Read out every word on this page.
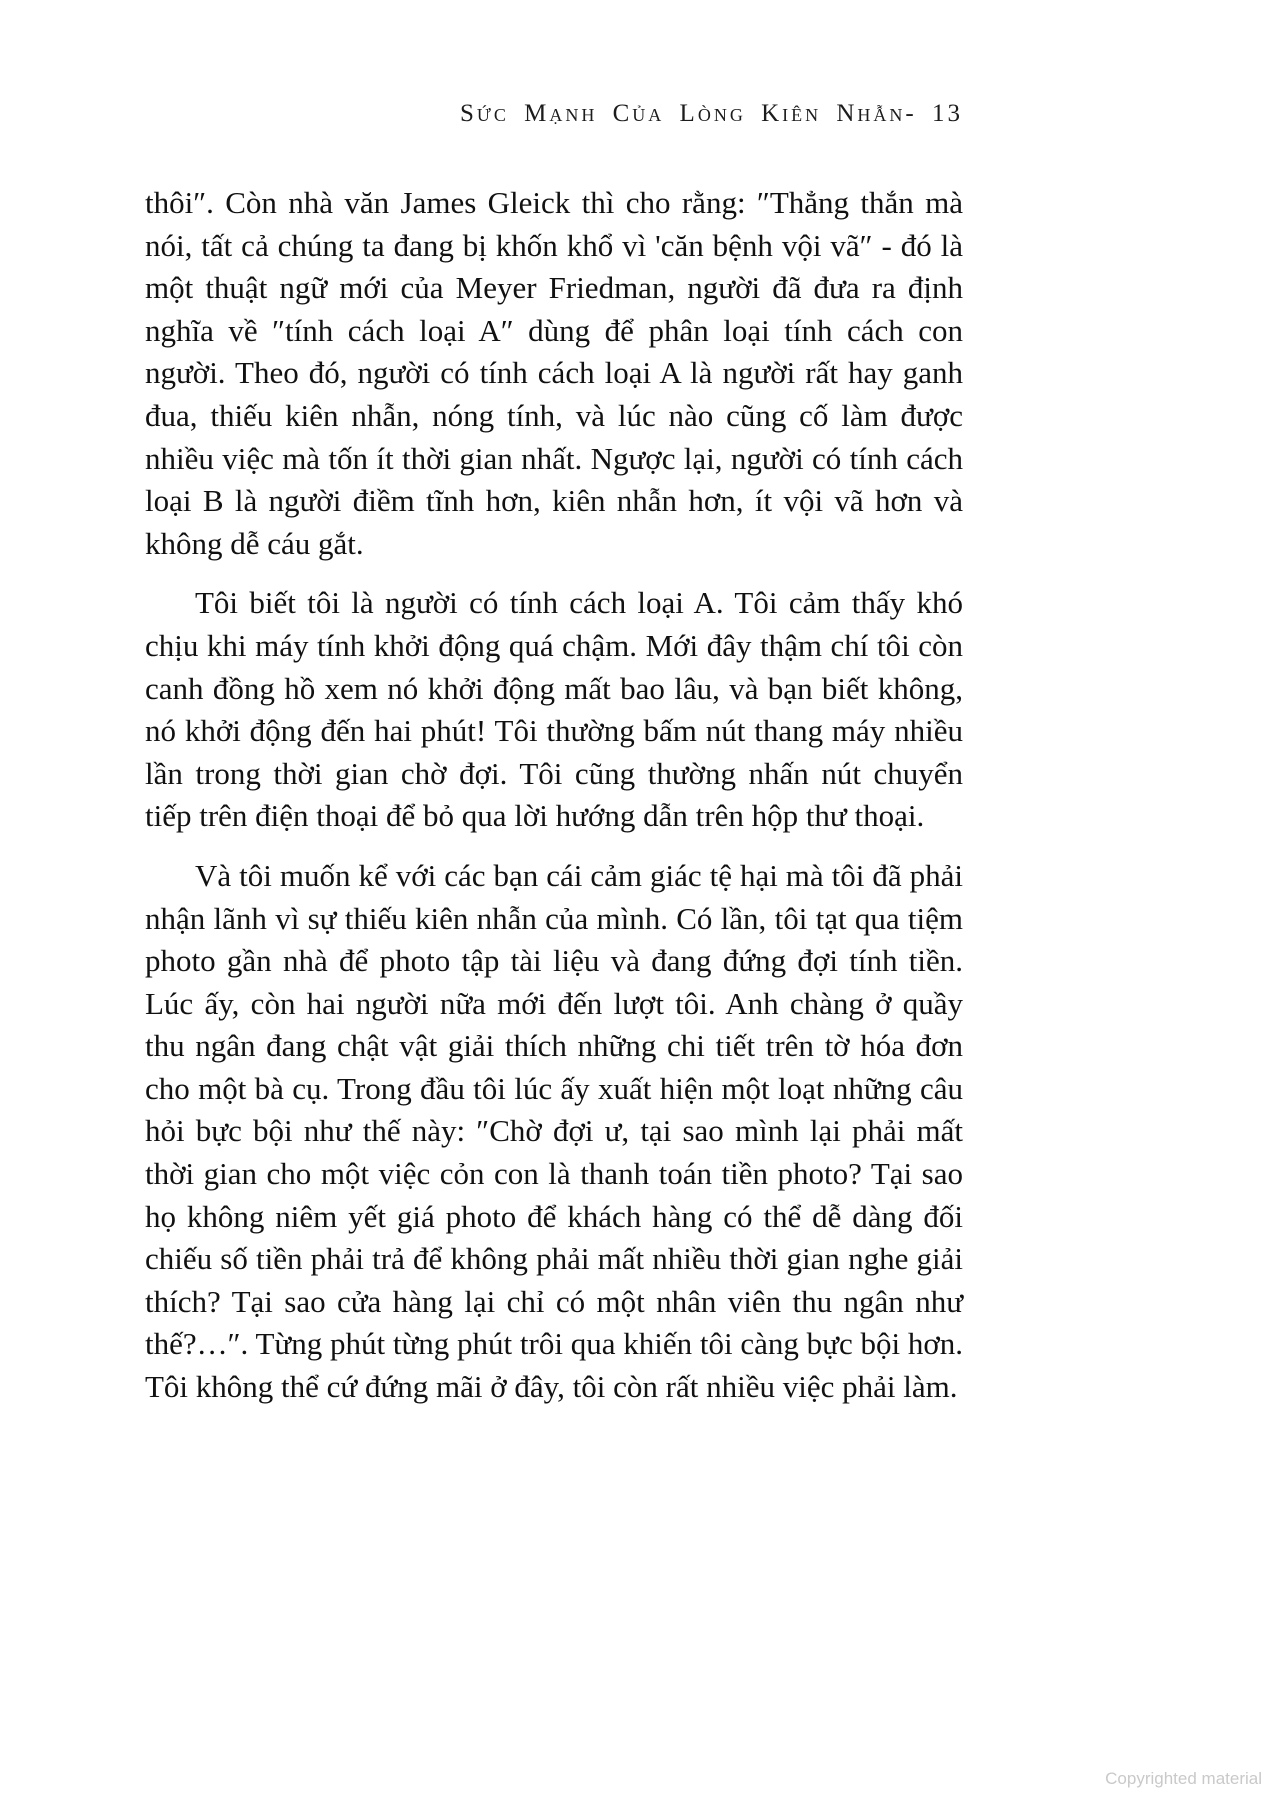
Sức Mạnh Của Lòng Kiên Nhẫn- 13

thôi″. Còn nhà văn James Gleick thì cho rằng: ″Thẳng thắn mà nói, tất cả chúng ta đang bị khốn khổ vì 'căn bệnh vội vã″ - đó là một thuật ngữ mới của Meyer Friedman, người đã đưa ra định nghĩa về ″tính cách loại A″ dùng để phân loại tính cách con người. Theo đó, người có tính cách loại A là người rất hay ganh đua, thiếu kiên nhẫn, nóng tính, và lúc nào cũng cố làm được nhiều việc mà tốn ít thời gian nhất. Ngược lại, người có tính cách loại B là người điềm tĩnh hơn, kiên nhẫn hơn, ít vội vã hơn và không dễ cáu gắt.

Tôi biết tôi là người có tính cách loại A. Tôi cảm thấy khó chịu khi máy tính khởi động quá chậm. Mới đây thậm chí tôi còn canh đồng hồ xem nó khởi động mất bao lâu, và bạn biết không, nó khởi động đến hai phút! Tôi thường bấm nút thang máy nhiều lần trong thời gian chờ đợi. Tôi cũng thường nhấn nút chuyển tiếp trên điện thoại để bỏ qua lời hướng dẫn trên hộp thư thoại.

Và tôi muốn kể với các bạn cái cảm giác tệ hại mà tôi đã phải nhận lãnh vì sự thiếu kiên nhẫn của mình. Có lần, tôi tạt qua tiệm photo gần nhà để photo tập tài liệu và đang đứng đợi tính tiền. Lúc ấy, còn hai người nữa mới đến lượt tôi. Anh chàng ở quầy thu ngân đang chật vật giải thích những chi tiết trên tờ hóa đơn cho một bà cụ. Trong đầu tôi lúc ấy xuất hiện một loạt những câu hỏi bực bội như thế này: ″Chờ đợi ư, tại sao mình lại phải mất thời gian cho một việc cỏn con là thanh toán tiền photo? Tại sao họ không niêm yết giá photo để khách hàng có thể dễ dàng đối chiếu số tiền phải trả để không phải mất nhiều thời gian nghe giải thích? Tại sao cửa hàng lại chỉ có một nhân viên thu ngân như thế?…″. Từng phút từng phút trôi qua khiến tôi càng bực bội hơn. Tôi không thể cứ đứng mãi ở đây, tôi còn rất nhiều việc phải làm.

Copyrighted material
